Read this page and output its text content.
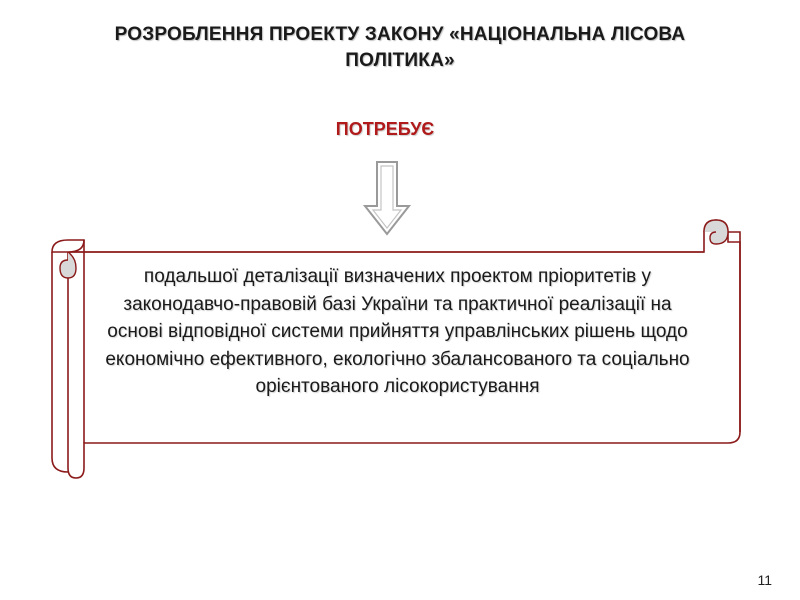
РОЗРОБЛЕННЯ ПРОЕКТУ ЗАКОНУ «НАЦІОНАЛЬНА ЛІСОВА ПОЛІТИКА»
ПОТРЕБУЄ
подальшої деталізації визначених проектом пріоритетів у законодавчо-правовій базі України та практичної реалізації на основі відповідної системи прийняття управлінських рішень щодо економічно ефективного, екологічно збалансованого та соціально орієнтованого лісокористування
11
